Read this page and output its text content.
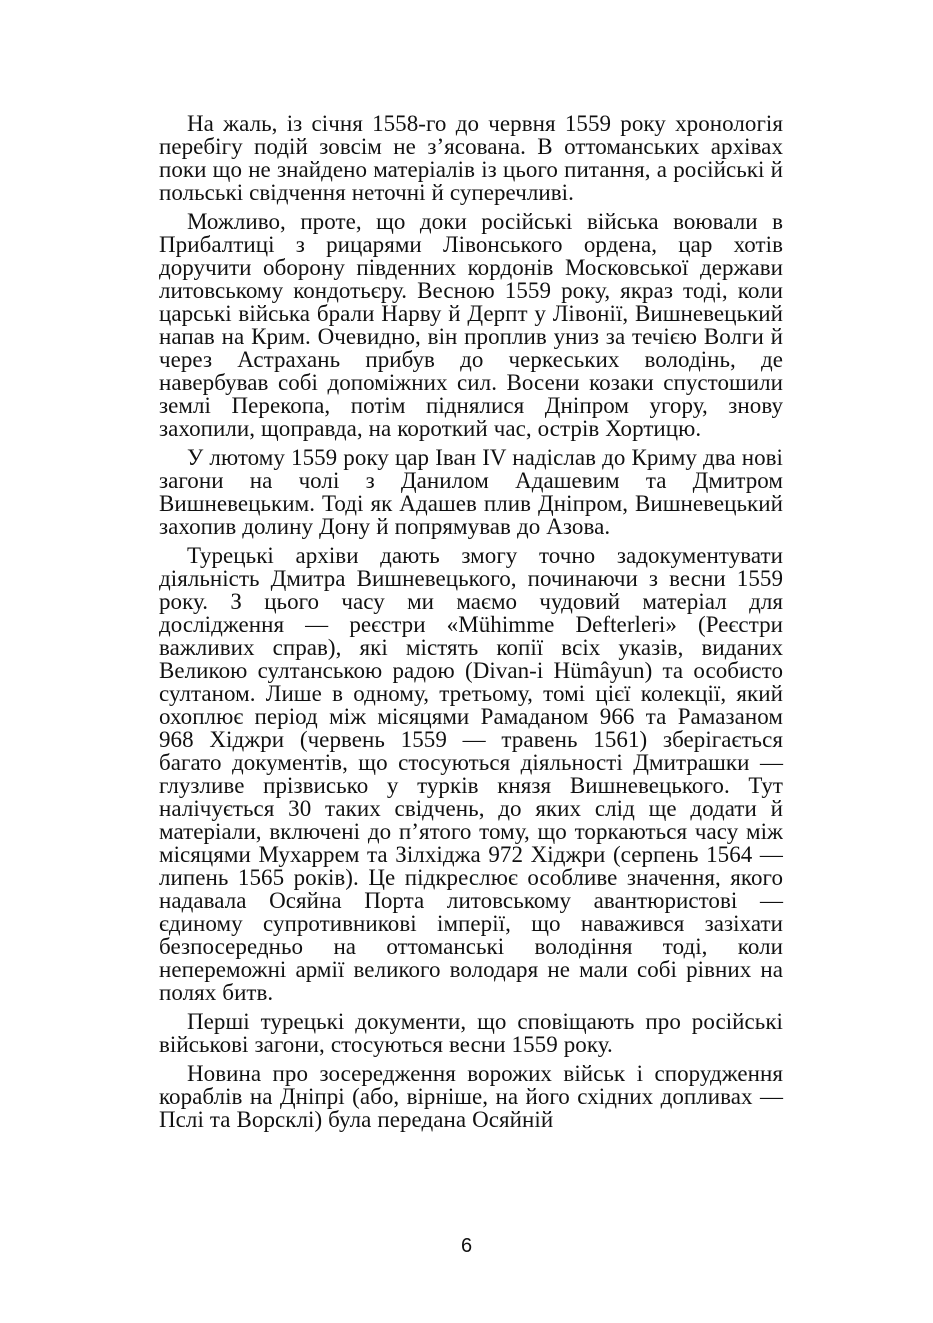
На жаль, із січня 1558-го до червня 1559 року хронологія перебігу подій зовсім не з’ясована. В оттоманських архівах поки що не знайдено матеріалів із цього питання, а російські й польські свідчення неточні й суперечливі.

Можливо, проте, що доки російські війська воювали в Прибалтиці з рицарями Лівонського ордена, цар хотів доручити оборону південних кордонів Московської держави литовському кондотьєру. Весною 1559 року, якраз тоді, коли царські війська брали Нарву й Дерпт у Лівонії, Вишневецький напав на Крим. Очевидно, він проплив униз за течією Волги й через Астрахань прибув до черкеських володінь, де навербував собі допоміжних сил. Восени козаки спустошили землі Перекопа, потім піднялися Дніпром угору, знову захопили, щоправда, на короткий час, острів Хортицю.

У лютому 1559 року цар Іван IV надіслав до Криму два нові загони на чолі з Данилом Адашевим та Дмитром Вишневецьким. Тоді як Адашев плив Дніпром, Вишневецький захопив долину Дону й попрямував до Азова.

Турецькі архіви дають змогу точно задокументувати діяльність Дмитра Вишневецького, починаючи з весни 1559 року. З цього часу ми маємо чудовий матеріал для дослідження — реєстри «Mühimme Defterleri» (Реєстри важливих справ), які містять копії всіх указів, виданих Великою султанською радою (Divan-i Hümâyun) та особисто султаном. Лише в одному, третьому, томі цієї колекції, який охоплює період між місяцями Рамаданом 966 та Рамазаном 968 Хіджри (червень 1559 — травень 1561) зберігається багато документів, що стосуються діяльності Дмитрашки — глузливе прізвисько у турків князя Вишневецького. Тут налічується 30 таких свідчень, до яких слід ще додати й матеріали, включені до п’ятого тому, що торкаються часу між місяцями Мухаррем та Зілхіджа 972 Хіджри (серпень 1564 — липень 1565 років). Це підкреслює особливе значення, якого надавала Осяйна Порта литовському авантюристові — єдиному супротивникові імперії, що наважився зазіхати безпосередньо на оттоманські володіння тоді, коли непереможні армії великого володаря не мали собі рівних на полях битв.

Перші турецькі документи, що сповіщають про російські військові загони, стосуються весни 1559 року.

Новина про зосередження ворожих військ і спорудження кораблів на Дніпрі (або, вірніше, на його східних допливах — Пслі та Ворсклі) була передана Осяйній

6
